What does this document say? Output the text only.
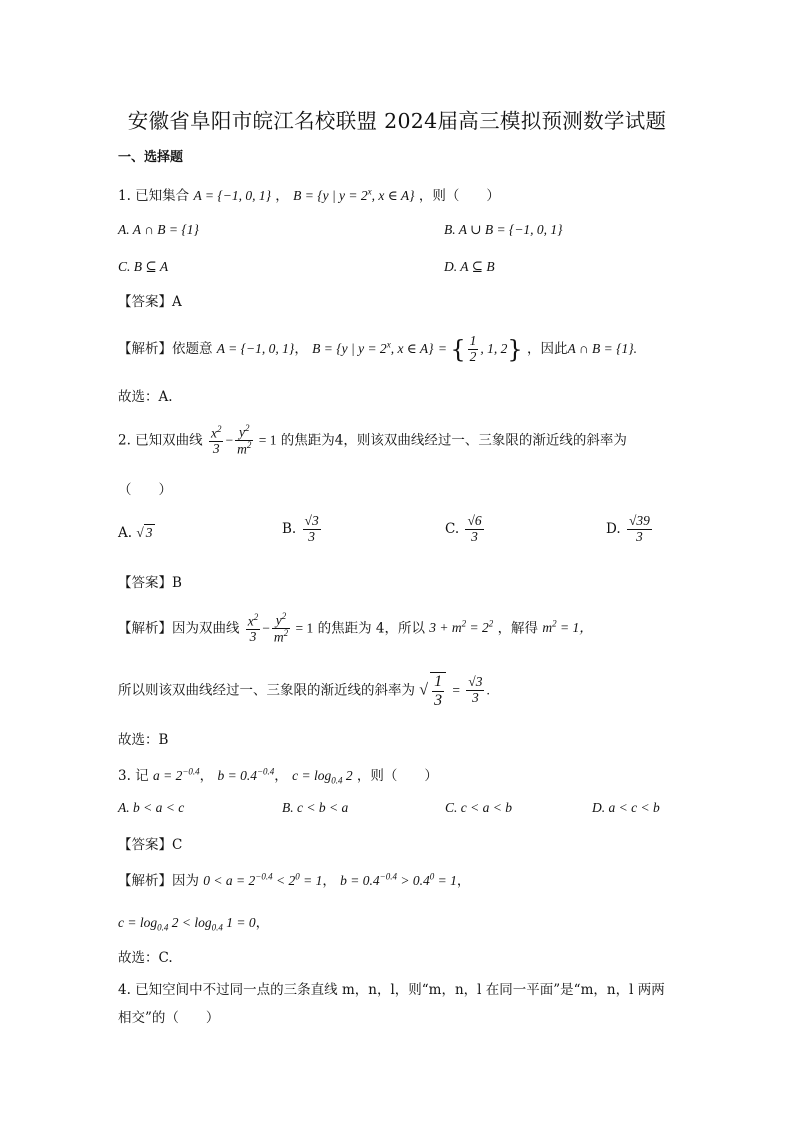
安徽省阜阳市皖江名校联盟 2024届高三模拟预测数学试题
一、选择题
1. 已知集合 A = {−1, 0, 1} ， B = {y | $y = 2^x$, x ∈ A} ，则（　　）
A. A ∩ B = {1}	B. A ∪ B = {−1, 0, 1}
C. B ⊆ A	D. A ⊆ B
【答案】A
【解析】依题意 A = {−1, 0, 1}， B = {y | $y = 2^x$, x ∈ A} = { $\frac{1}{2}$ , 1, 2} ，因此A ∩ B = {1}.
故选：A.
2. 已知双曲线 $\frac{x^2}{3} - \frac{y^2}{m^2} = 1$ 的焦距为4，则该双曲线经过一、三象限的渐近线的斜率为
（　　）
A. √ 3	B. $\frac{√3}{3}$	C. $\frac{√6}{3}$	D. $\frac{√39}{3}$
【答案】B
【解析】因为双曲线 $\frac{x^2}{3} - \frac{y^2}{m^2} = 1$ 的焦距为 4，所以 $3 + m^2 = 2^2$ ，解得 $m^2 = 1$，
所以则该双曲线经过一、三象限的渐近线的斜率为 √ $\frac{1}{3} = \frac{√3}{3}$ .
故选：B
3. 记 $a = 2^{-0.4}$， $b = 0.4^{-0.4}$， $c = \log_{0.4} 2$ ，则（　　）
A. b < a < c	B. c < b < a	C. c < a < b	D. a < c < b
【答案】C
【解析】因为 $0 < a = 2^{-0.4} < 2^0 = 1$， $b = 0.4^{-0.4} > 0.4^0 = 1$，
$c = \log_{0.4} 2 < \log_{0.4} 1 = 0$，
故选：C.
4. 已知空间中不过同一点的三条直线 m，n，l，则“m，n，l 在同一平面”是“m，n，l 两两
相交”的（　　）
